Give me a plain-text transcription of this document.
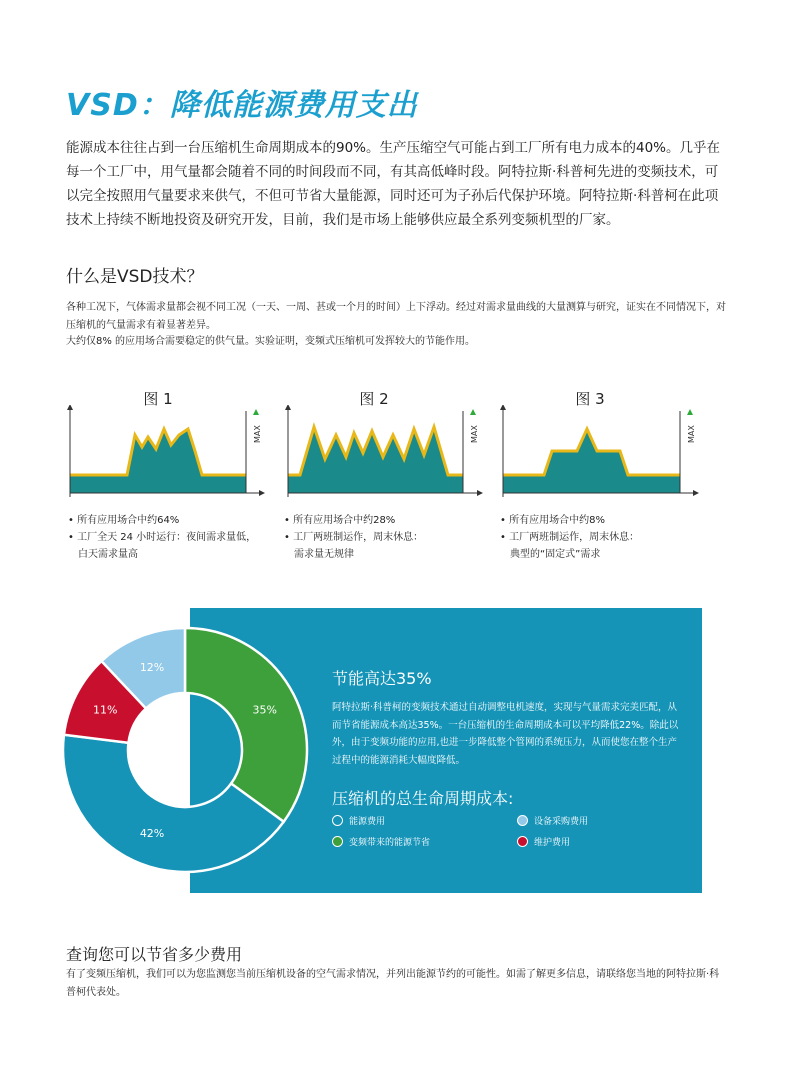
VSD：降低能源费用支出
能源成本往往占到一台压缩机生命周期成本的90%。生产压缩空气可能占到工厂所有电力成本的40%。几乎在每一个工厂中，用气量都会随着不同的时间段而不同，有其高低峰时段。阿特拉斯·科普柯先进的变频技术，可以完全按照用气量要求来供气，不但可节省大量能源，同时还可为子孙后代保护环境。阿特拉斯·科普柯在此项技术上持续不断地投资及研究开发，目前，我们是市场上能够供应最全系列变频机型的厂家。
什么是VSD技术？
各种工况下，气体需求量都会视不同工况（一天、一周、甚或一个月的时间）上下浮动。经过对需求量曲线的大量测算与研究，证实在不同情况下，对压缩机的气量需求有着显著差异。
大约仅8% 的应用场合需要稳定的供气量。实验证明，变频式压缩机可发挥较大的节能作用。
图 1	图 2	图 3
MAX	MAX	MAX
• 所有应用场合中约64%
• 工厂全天 24 小时运行：夜间需求量低，
白天需求量高
• 所有应用场合中约28%
• 工厂两班制运作，周末休息：
需求量无规律
• 所有应用场合中约8%
• 工厂两班制运作，周末休息：
典型的“固定式”需求
35%
42%
11%
12%
节能高达35%
阿特拉斯·科普柯的变频技术通过自动调整电机速度，实现与气量需求完美匹配，从而节省能源成本高达35%。一台压缩机的生命周期成本可以平均降低22%。除此以外，由于变频功能的应用,也进一步降低整个管网的系统压力，从而使您在整个生产过程中的能源消耗大幅度降低。
压缩机的总生命周期成本:
能源费用	设备采购费用
变频带来的能源节省	维护费用
查询您可以节省多少费用
有了变频压缩机，我们可以为您监测您当前压缩机设备的空气需求情况，并列出能源节约的可能性。如需了解更多信息，请联络您当地的阿特拉斯·科普柯代表处。
